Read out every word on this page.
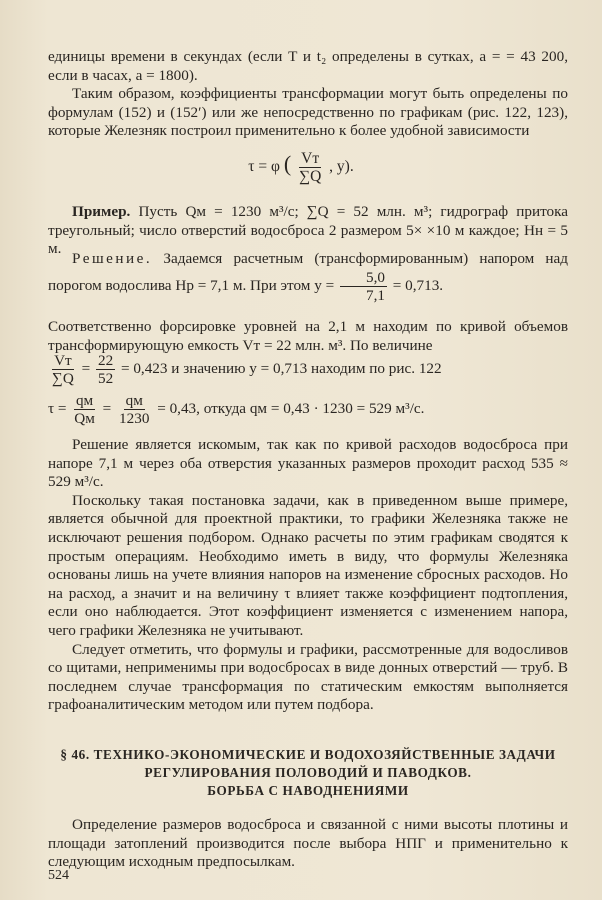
единицы времени в секундах (если T и t₂ определены в сутках, a = = 43 200, если в часах, a = 1800).

Таким образом, коэффициенты трансформации могут быть определены по формулам (152) и (152′) или же непосредственно по графикам (рис. 122, 123), которые Железняк построил применительно к более удобной зависимости

τ = φ ( $\frac{Vт}{\sum Q}$ , y).

Пример. Пусть Qм = 1230 м³/с; ∑Q = 52 млн. м³; гидрограф притока треугольный; число отверстий водосброса 2 размером 5× ×10 м каждое; Hн = 5 м.

Решение. Задаемся расчетным (трансформированным) напором над порогом водослива Hр = 7,1 м. При этом $y = \frac{5,0}{7,1} = 0,713$.

Соответственно форсировке уровней на 2,1 м находим по кривой объемов трансформирующую емкость Vт = 22 млн. м³. По величине

$\frac{Vт}{\sum Q} = \frac{22}{52} = 0,423$ и значению y = 0,713 находим по рис. 122
$\tau = \frac{qм}{Qм} = \frac{qм}{1230} = 0,43$, откуда qм = 0,43 · 1230 = 529 м³/с.

Решение является искомым, так как по кривой расходов водосброса при напоре 7,1 м через оба отверстия указанных размеров проходит расход 535 ≈ 529 м³/с.

Поскольку такая постановка задачи, как в приведенном выше примере, является обычной для проектной практики, то графики Железняка также не исключают решения подбором. Однако расчеты по этим графикам сводятся к простым операциям. Необходимо иметь в виду, что формулы Железняка основаны лишь на учете влияния напоров на изменение сбросных расходов. Но на расход, а значит и на величину τ влияет также коэффициент подтопления, если оно наблюдается. Этот коэффициент изменяется с изменением напора, чего графики Железняка не учитывают.

Следует отметить, что формулы и графики, рассмотренные для водосливов со щитами, неприменимы при водосбросах в виде донных отверстий — труб. В последнем случае трансформация по статическим емкостям выполняется графоаналитическим методом или путем подбора.

§ 46. ТЕХНИКО-ЭКОНОМИЧЕСКИЕ И ВОДОХОЗЯЙСТВЕННЫЕ ЗАДАЧИ
РЕГУЛИРОВАНИЯ ПОЛОВОДИЙ И ПАВОДКОВ.
БОРЬБА С НАВОДНЕНИЯМИ

Определение размеров водосброса и связанной с ними высоты плотины и площади затоплений производится после выбора НПГ и применительно к следующим исходным предпосылкам.

524
